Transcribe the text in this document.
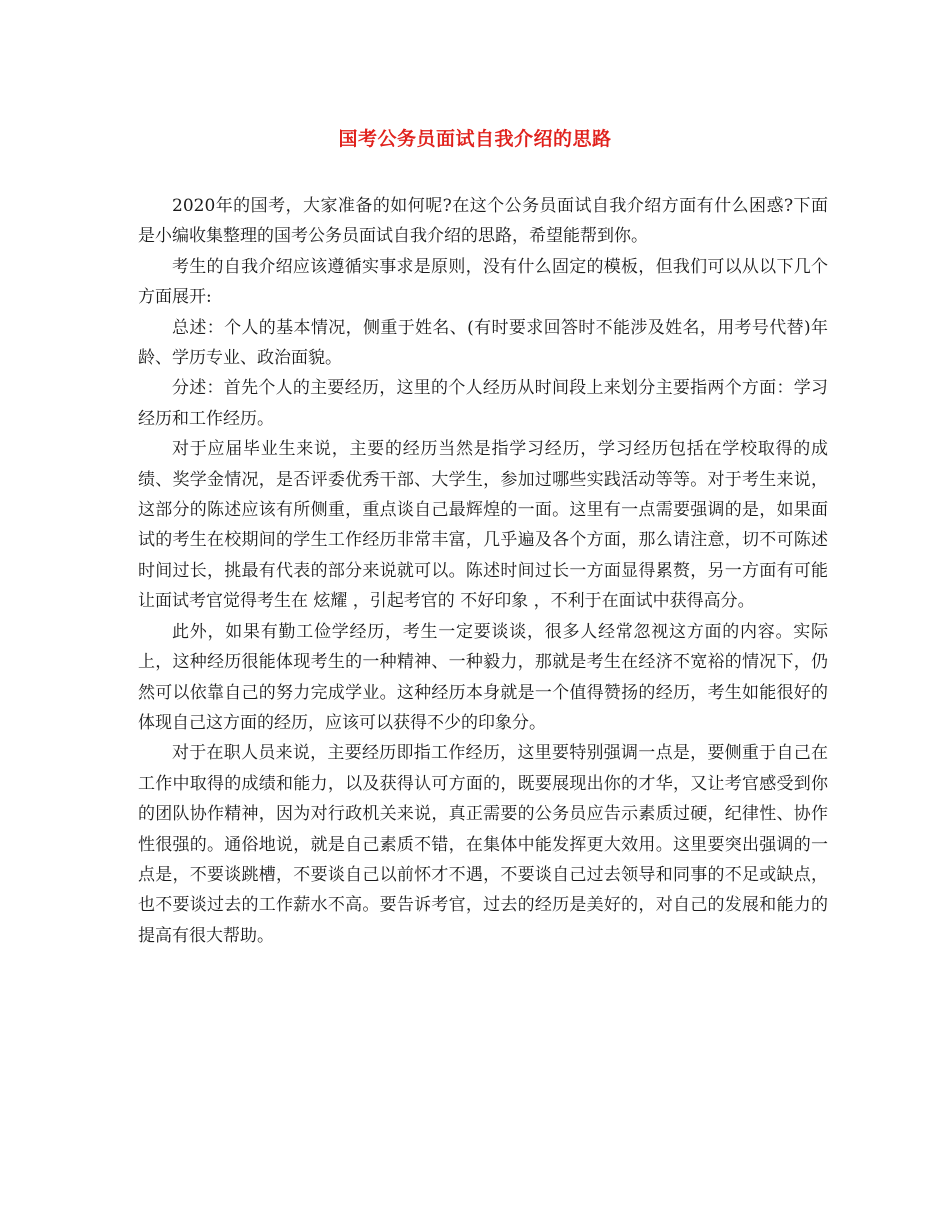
国考公务员面试自我介绍的思路

2020年的国考，大家准备的如何呢?在这个公务员面试自我介绍方面有什么困惑?下面是小编收集整理的国考公务员面试自我介绍的思路，希望能帮到你。

考生的自我介绍应该遵循实事求是原则，没有什么固定的模板，但我们可以从以下几个方面展开:

总述：个人的基本情况，侧重于姓名、(有时要求回答时不能涉及姓名，用考号代替)年龄、学历专业、政治面貌。

分述：首先个人的主要经历，这里的个人经历从时间段上来划分主要指两个方面：学习经历和工作经历。

对于应届毕业生来说，主要的经历当然是指学习经历，学习经历包括在学校取得的成绩、奖学金情况，是否评委优秀干部、大学生，参加过哪些实践活动等等。对于考生来说，这部分的陈述应该有所侧重，重点谈自己最辉煌的一面。这里有一点需要强调的是，如果面试的考生在校期间的学生工作经历非常丰富，几乎遍及各个方面，那么请注意，切不可陈述时间过长，挑最有代表的部分来说就可以。陈述时间过长一方面显得累赘，另一方面有可能让面试考官觉得考生在 炫耀 ，引起考官的 不好印象 ，不利于在面试中获得高分。

此外，如果有勤工俭学经历，考生一定要谈谈，很多人经常忽视这方面的内容。实际上，这种经历很能体现考生的一种精神、一种毅力，那就是考生在经济不宽裕的情况下，仍然可以依靠自己的努力完成学业。这种经历本身就是一个值得赞扬的经历，考生如能很好的体现自己这方面的经历，应该可以获得不少的印象分。

对于在职人员来说，主要经历即指工作经历，这里要特别强调一点是，要侧重于自己在工作中取得的成绩和能力，以及获得认可方面的，既要展现出你的才华，又让考官感受到你的团队协作精神，因为对行政机关来说，真正需要的公务员应告示素质过硬，纪律性、协作性很强的。通俗地说，就是自己素质不错，在集体中能发挥更大效用。这里要突出强调的一点是，不要谈跳槽，不要谈自己以前怀才不遇，不要谈自己过去领导和同事的不足或缺点，也不要谈过去的工作薪水不高。要告诉考官，过去的经历是美好的，对自己的发展和能力的提高有很大帮助。
